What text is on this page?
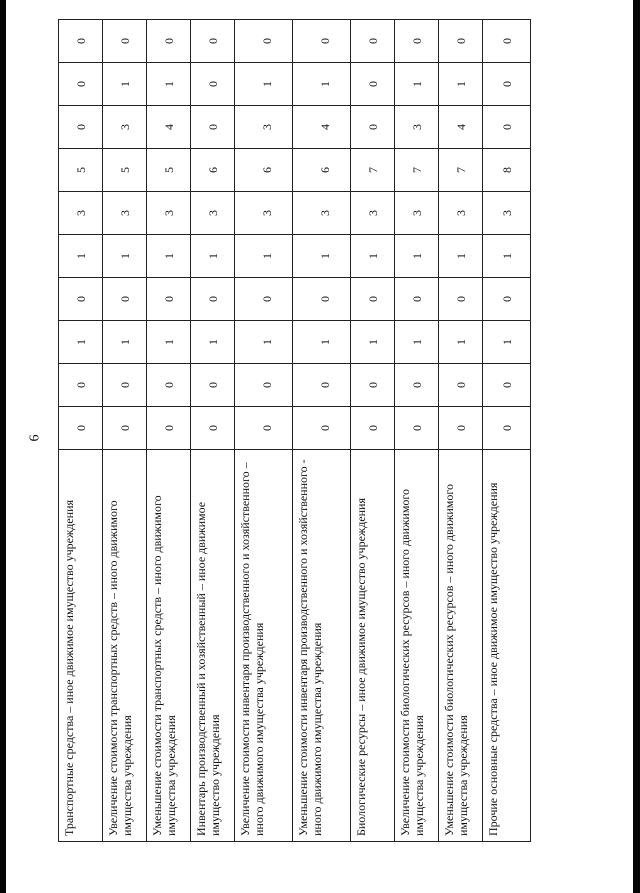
6
Транспортные средства – иное движимое имущество учреждения	0	0	1	0	1	3	5	0	0	0
Увеличение стоимости транспортных средств – иного движимого имущества учреждения	0	0	1	0	1	3	5	3	1	0
Уменьшение стоимости транспортных средств – иного движимого имущества учреждения	0	0	1	0	1	3	5	4	1	0
Инвентарь производственный и хозяйственный – иное движимое имущество учреждения	0	0	1	0	1	3	6	0	0	0
Увеличение стоимости инвентаря производственного и хозяйственного – иного движимого имущества учреждения	0	0	1	0	1	3	6	3	1	0
Уменьшение стоимости инвентаря производственного и хозяйственного - иного движимого имущества учреждения	0	0	1	0	1	3	6	4	1	0
Биологические ресурсы – иное движимое имущество учреждения	0	0	1	0	1	3	7	0	0	0
Увеличение стоимости биологических ресурсов – иного движимого имущества учреждения	0	0	1	0	1	3	7	3	1	0
Уменьшение стоимости биологических ресурсов – иного движимого имущества учреждения	0	0	1	0	1	3	7	4	1	0
Прочие основные средства – иное движимое имущество учреждения	0	0	1	0	1	3	8	0	0	0
